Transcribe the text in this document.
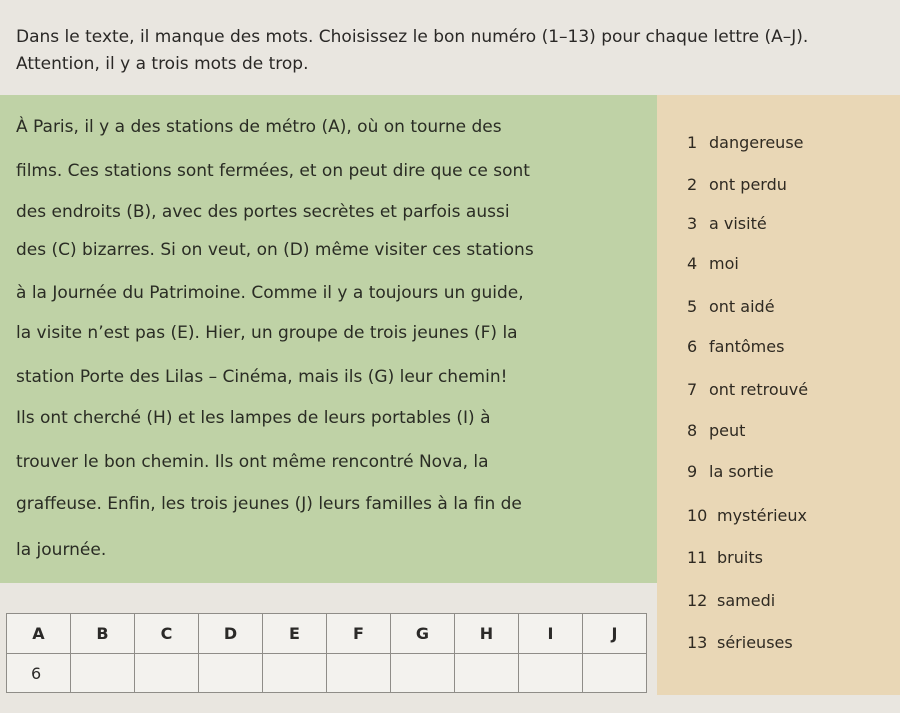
Dans le texte, il manque des mots. Choisissez le bon numéro (1–13) pour chaque lettre (A–J).

Attention, il y a trois mots de trop.

À Paris, il y a des stations de métro (A), où on tourne des
films. Ces stations sont fermées, et on peut dire que ce sont
des endroits (B), avec des portes secrètes et parfois aussi
des (C) bizarres. Si on veut, on (D) même visiter ces stations
à la Journée du Patrimoine. Comme il y a toujours un guide,
la visite n’est pas (E). Hier, un groupe de trois jeunes (F) la
station Porte des Lilas – Cinéma, mais ils (G) leur chemin!
Ils ont cherché (H) et les lampes de leurs portables (I) à
trouver le bon chemin. Ils ont même rencontré Nova, la
graffeuse. Enfin, les trois jeunes (J) leurs familles à la fin de
la journée.
1 dangereuse
2 ont perdu
3 a visité
4 moi
5 ont aidé
6 fantômes
7 ont retrouvé
8 peut
9 la sortie
10 mystérieux
11 bruits
12 samedi
13 sérieuses
A	B	C	D	E	F	G	H	I	J
6									
